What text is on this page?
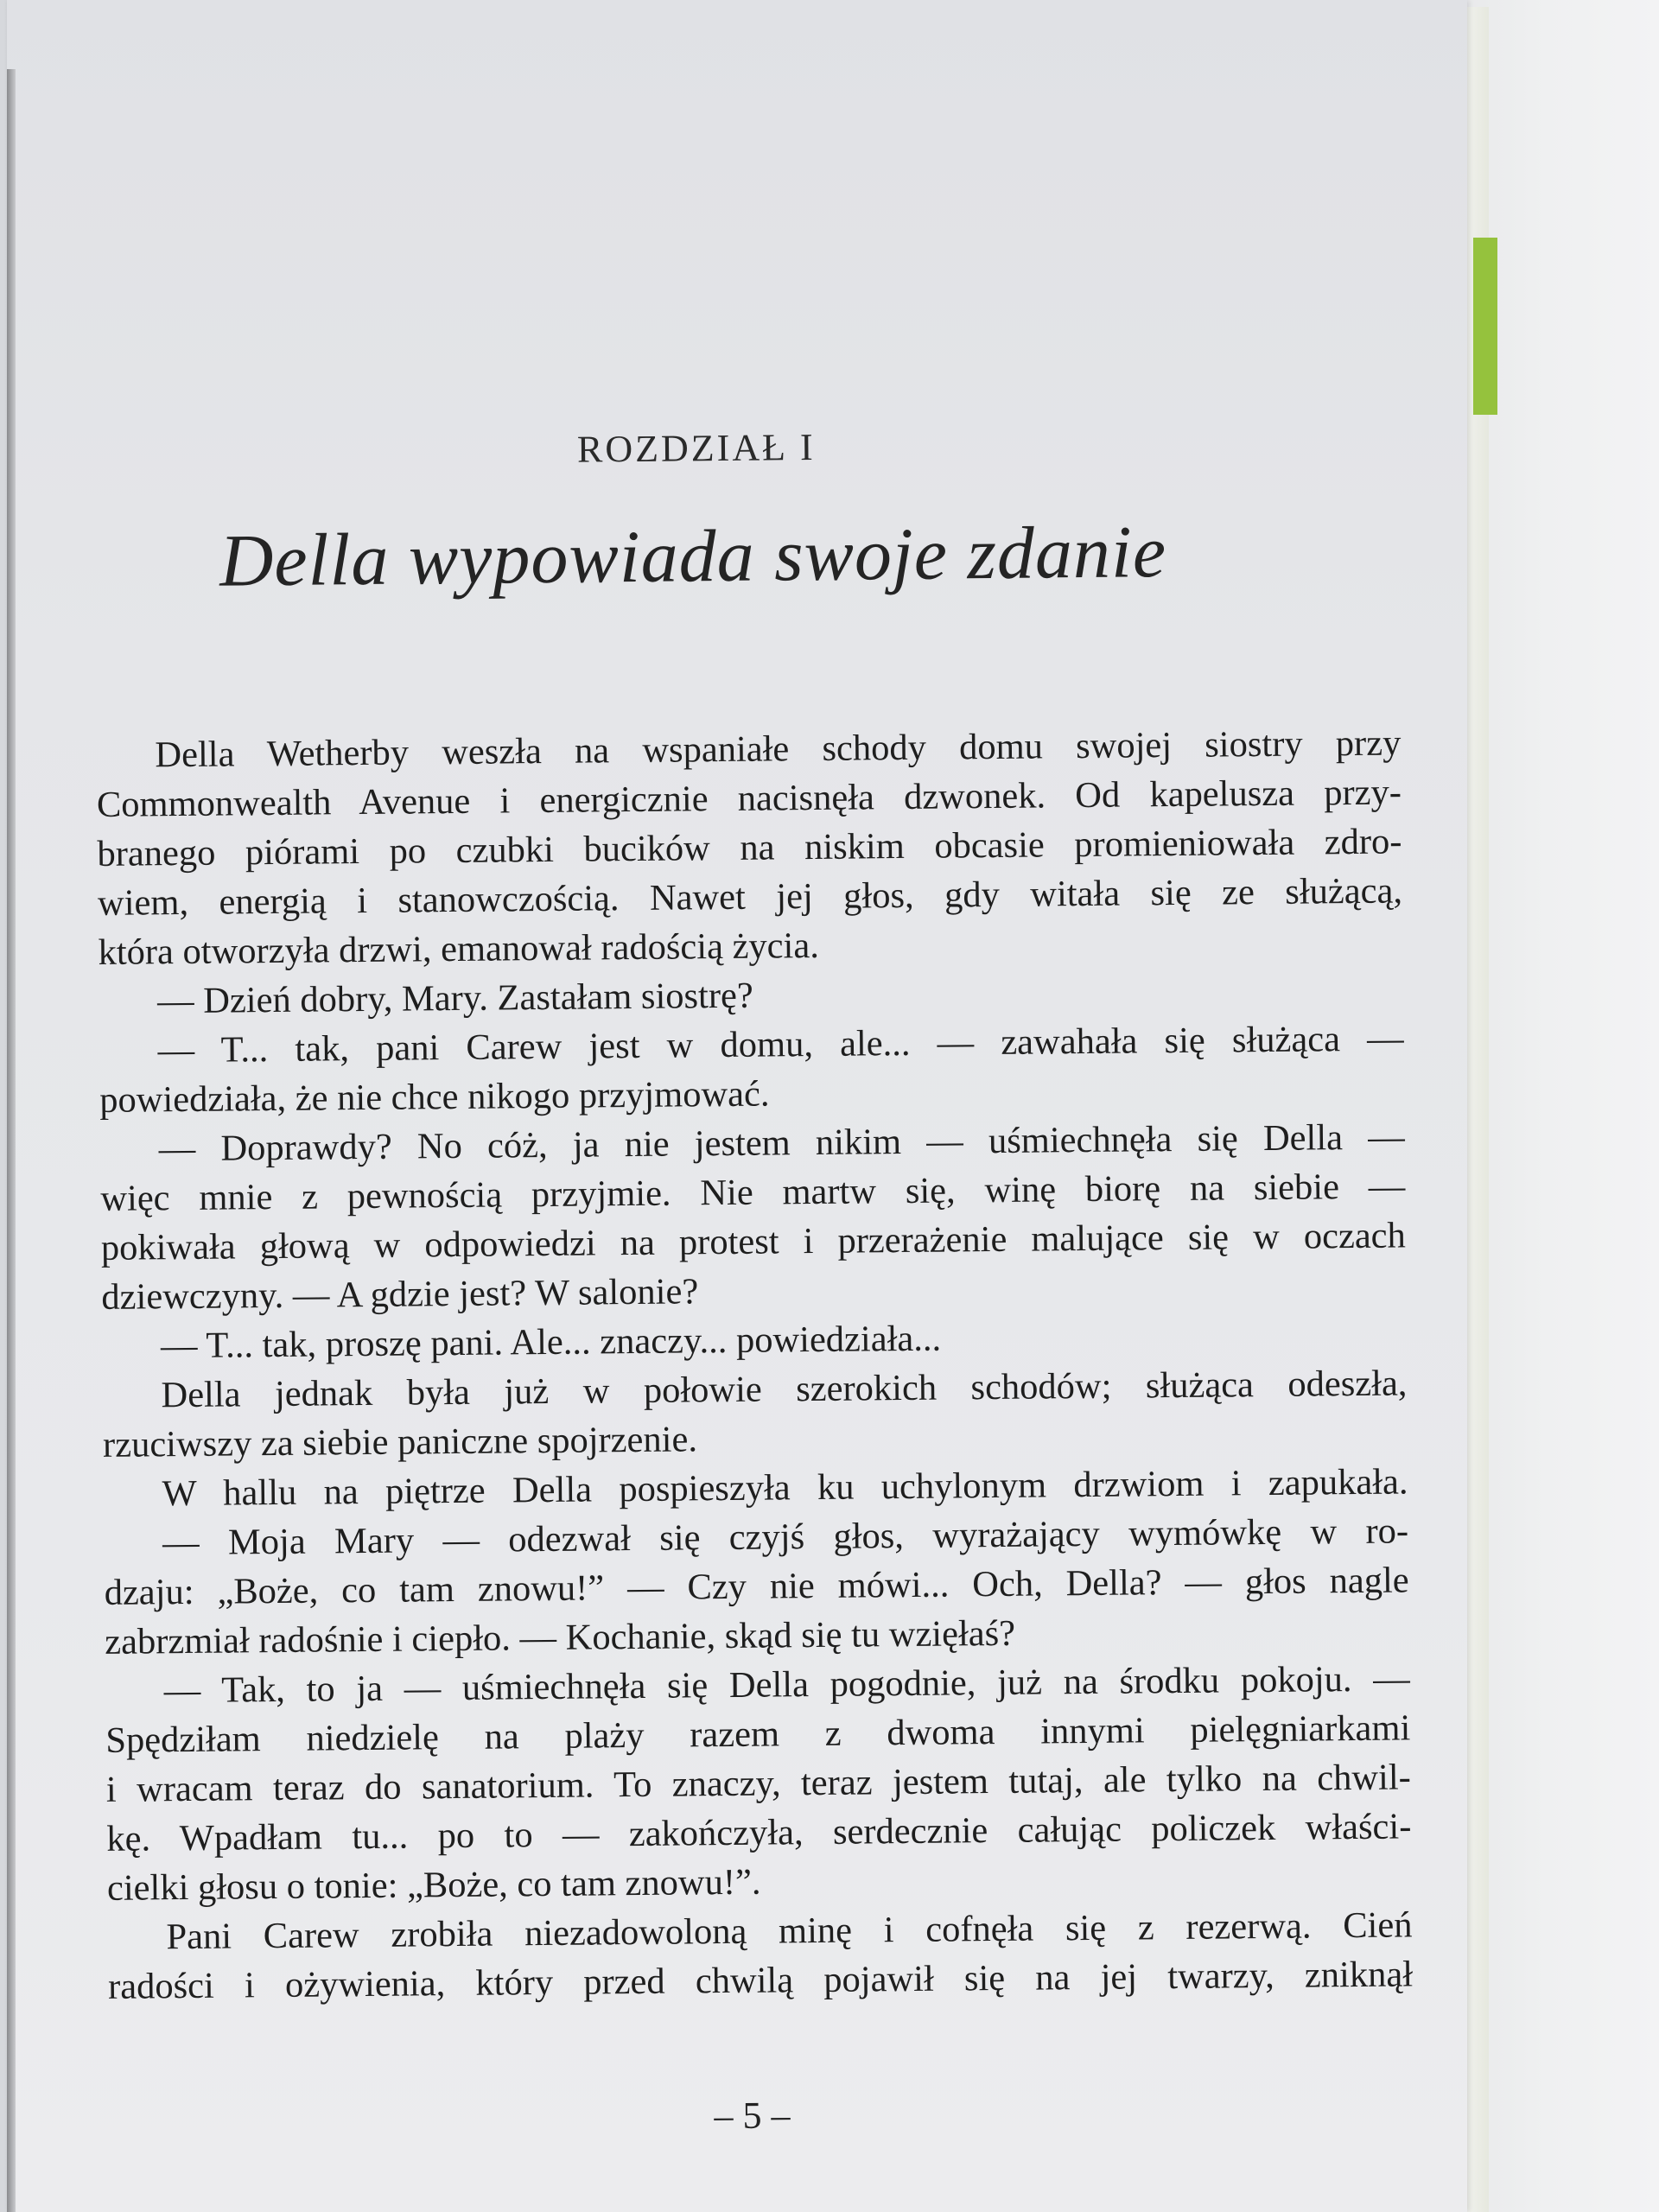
ROZDZIAŁ I
Della wypowiada swoje zdanie
Della Wetherby weszła na wspaniałe schody domu swojej siostry przy
Commonwealth Avenue i energicznie nacisnęła dzwonek. Od kapelusza przy-
branego piórami po czubki bucików na niskim obcasie promieniowała zdro-
wiem, energią i stanowczością. Nawet jej głos, gdy witała się ze służącą,
która otworzyła drzwi, emanował radością życia.
— Dzień dobry, Mary. Zastałam siostrę?
— T... tak, pani Carew jest w domu, ale... — zawahała się służąca —
powiedziała, że nie chce nikogo przyjmować.
— Doprawdy? No cóż, ja nie jestem nikim — uśmiechnęła się Della —
więc mnie z pewnością przyjmie. Nie martw się, winę biorę na siebie —
pokiwała głową w odpowiedzi na protest i przerażenie malujące się w oczach
dziewczyny. — A gdzie jest? W salonie?
— T... tak, proszę pani. Ale... znaczy... powiedziała...
Della jednak była już w połowie szerokich schodów; służąca odeszła,
rzuciwszy za siebie paniczne spojrzenie.
W hallu na piętrze Della pospieszyła ku uchylonym drzwiom i zapukała.
— Moja Mary — odezwał się czyjś głos, wyrażający wymówkę w ro-
dzaju: „Boże, co tam znowu!” — Czy nie mówi... Och, Della? — głos nagle
zabrzmiał radośnie i ciepło. — Kochanie, skąd się tu wzięłaś?
— Tak, to ja — uśmiechnęła się Della pogodnie, już na środku pokoju. —
Spędziłam niedzielę na plaży razem z dwoma innymi pielęgniarkami
i wracam teraz do sanatorium. To znaczy, teraz jestem tutaj, ale tylko na chwil-
kę. Wpadłam tu... po to — zakończyła, serdecznie całując policzek właści-
cielki głosu o tonie: „Boże, co tam znowu!”.
Pani Carew zrobiła niezadowoloną minę i cofnęła się z rezerwą. Cień
radości i ożywienia, który przed chwilą pojawił się na jej twarzy, zniknął
– 5 –
